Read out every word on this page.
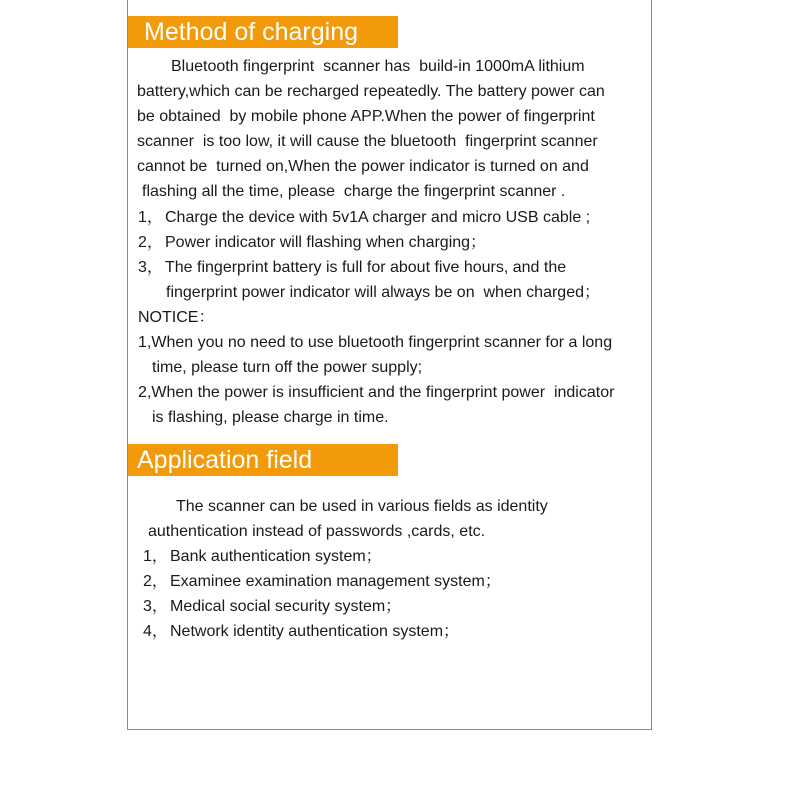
Method of charging
Bluetooth fingerprint  scanner has  build-in 1000mA lithium
battery,which can be recharged repeatedly. The battery power can
be obtained  by mobile phone APP.When the power of fingerprint
scanner  is too low, it will cause the bluetooth  fingerprint scanner
cannot be  turned on,When the power indicator is turned on and
flashing all the time, please  charge the fingerprint scanner .
1， Charge the device with 5v1A charger and micro USB cable ;
2， Power indicator will flashing when charging；
3， The fingerprint battery is full for about five hours, and the
fingerprint power indicator will always be on  when charged；
NOTICE：
1,When you no need to use bluetooth fingerprint scanner for a long
time, please turn off the power supply;
2,When the power is insufficient and the fingerprint power  indicator
is flashing, please charge in time.
Application field
The scanner can be used in various fields as identity
authentication instead of passwords ,cards, etc.
1， Bank authentication system；
2， Examinee examination management system；
3， Medical social security system；
4， Network identity authentication system；
